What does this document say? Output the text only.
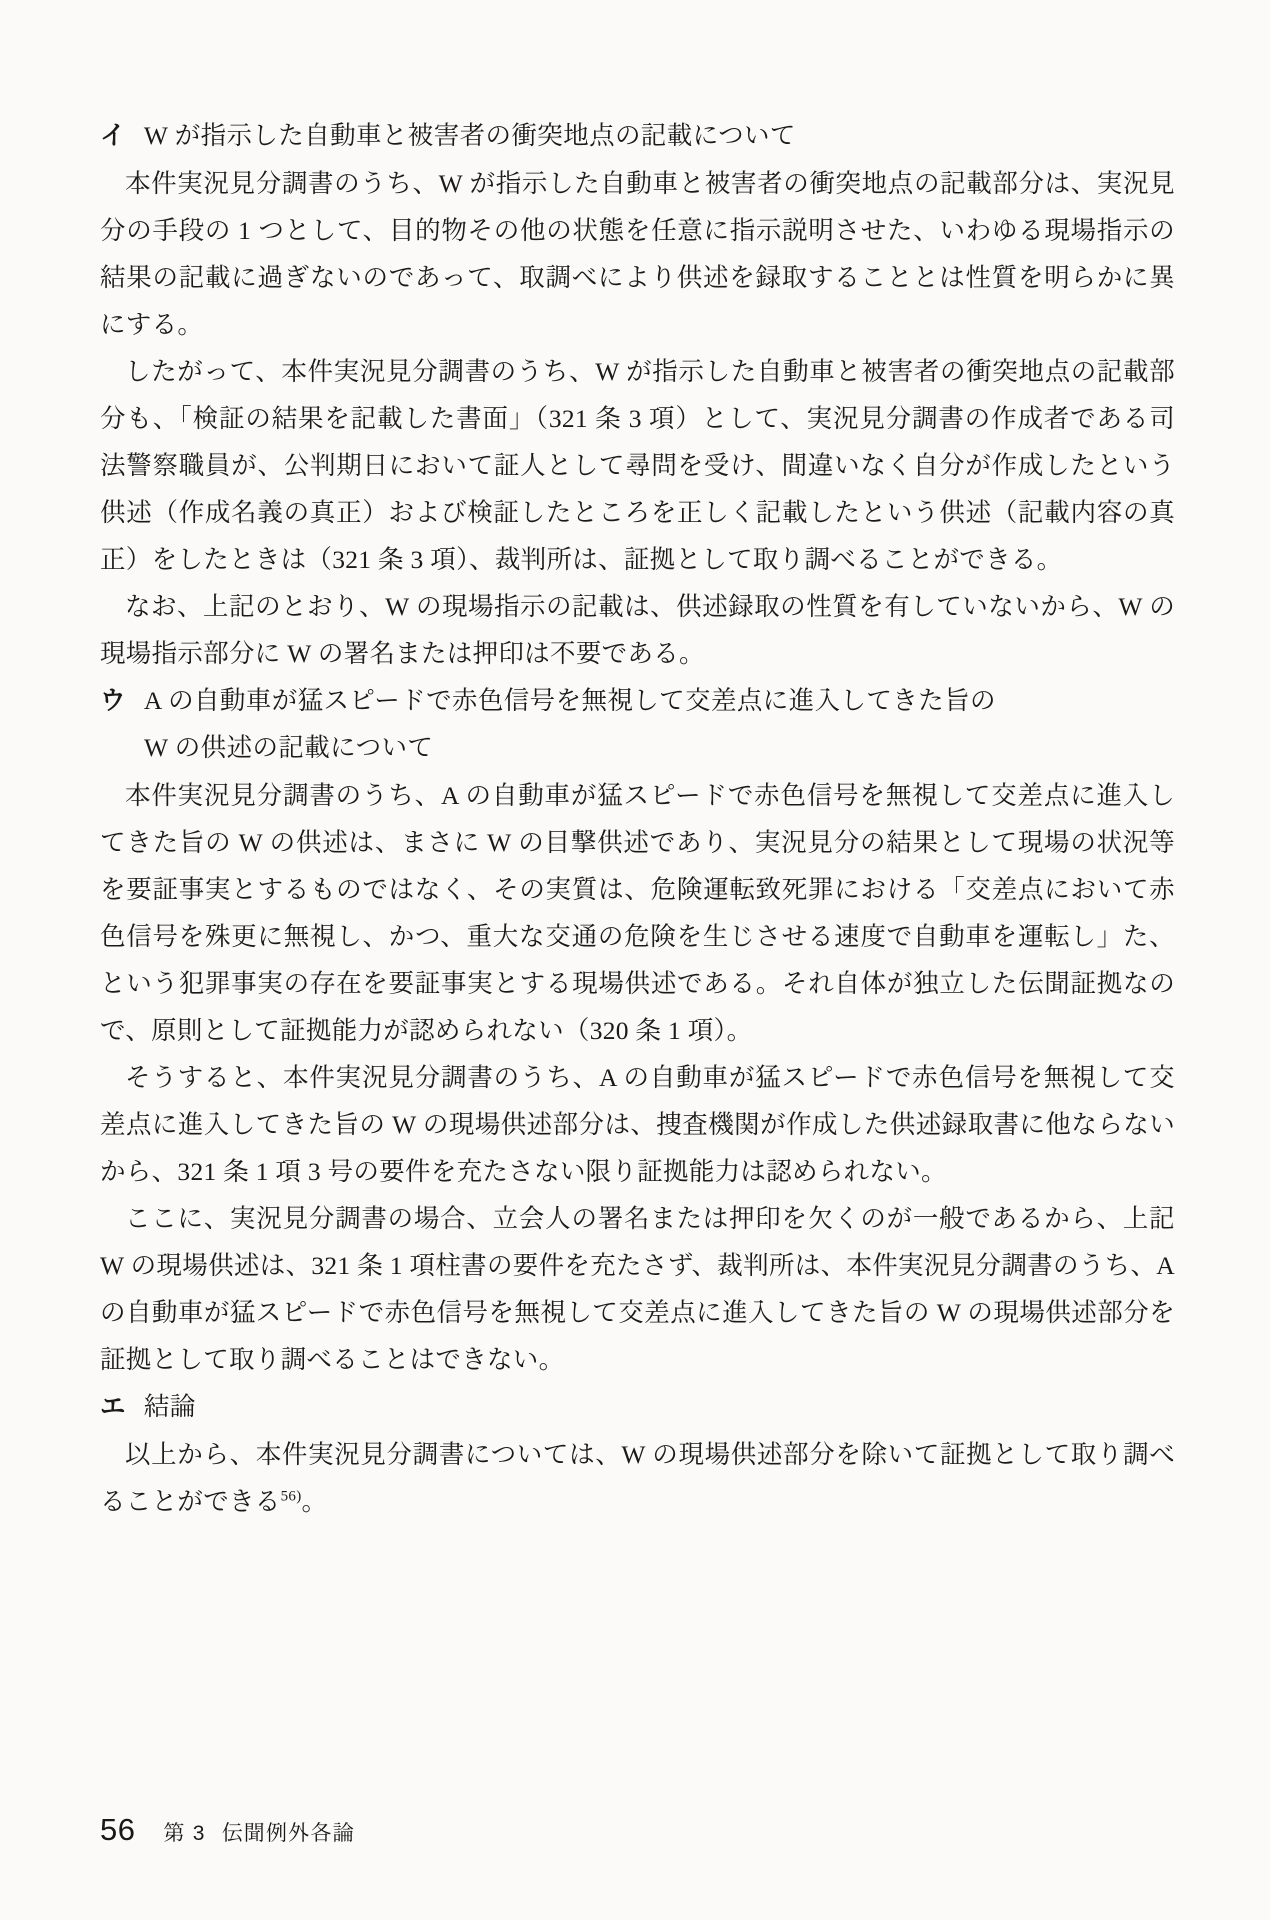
イ W が指示した自動車と被害者の衝突地点の記載について

本件実況見分調書のうち、W が指示した自動車と被害者の衝突地点の記載部分は、実況見分の手段の 1 つとして、目的物その他の状態を任意に指示説明させた、いわゆる現場指示の結果の記載に過ぎないのであって、取調べにより供述を録取することとは性質を明らかに異にする。

したがって、本件実況見分調書のうち、W が指示した自動車と被害者の衝突地点の記載部分も、「検証の結果を記載した書面」（321 条 3 項）として、実況見分調書の作成者である司法警察職員が、公判期日において証人として尋問を受け、間違いなく自分が作成したという供述（作成名義の真正）および検証したところを正しく記載したという供述（記載内容の真正）をしたときは（321 条 3 項）、裁判所は、証拠として取り調べることができる。

なお、上記のとおり、W の現場指示の記載は、供述録取の性質を有していないから、W の現場指示部分に W の署名または押印は不要である。

ウ A の自動車が猛スピードで赤色信号を無視して交差点に進入してきた旨の
W の供述の記載について

本件実況見分調書のうち、A の自動車が猛スピードで赤色信号を無視して交差点に進入してきた旨の W の供述は、まさに W の目撃供述であり、実況見分の結果として現場の状況等を要証事実とするものではなく、その実質は、危険運転致死罪における「交差点において赤色信号を殊更に無視し、かつ、重大な交通の危険を生じさせる速度で自動車を運転し」た、という犯罪事実の存在を要証事実とする現場供述である。それ自体が独立した伝聞証拠なので、原則として証拠能力が認められない（320 条 1 項）。

そうすると、本件実況見分調書のうち、A の自動車が猛スピードで赤色信号を無視して交差点に進入してきた旨の W の現場供述部分は、捜査機関が作成した供述録取書に他ならないから、321 条 1 項 3 号の要件を充たさない限り証拠能力は認められない。

ここに、実況見分調書の場合、立会人の署名または押印を欠くのが一般であるから、上記 W の現場供述は、321 条 1 項柱書の要件を充たさず、裁判所は、本件実況見分調書のうち、A の自動車が猛スピードで赤色信号を無視して交差点に進入してきた旨の W の現場供述部分を証拠として取り調べることはできない。

エ 結論

以上から、本件実況見分調書については、W の現場供述部分を除いて証拠として取り調べることができる$^{56)}$。

56 第 3 伝聞例外各論
